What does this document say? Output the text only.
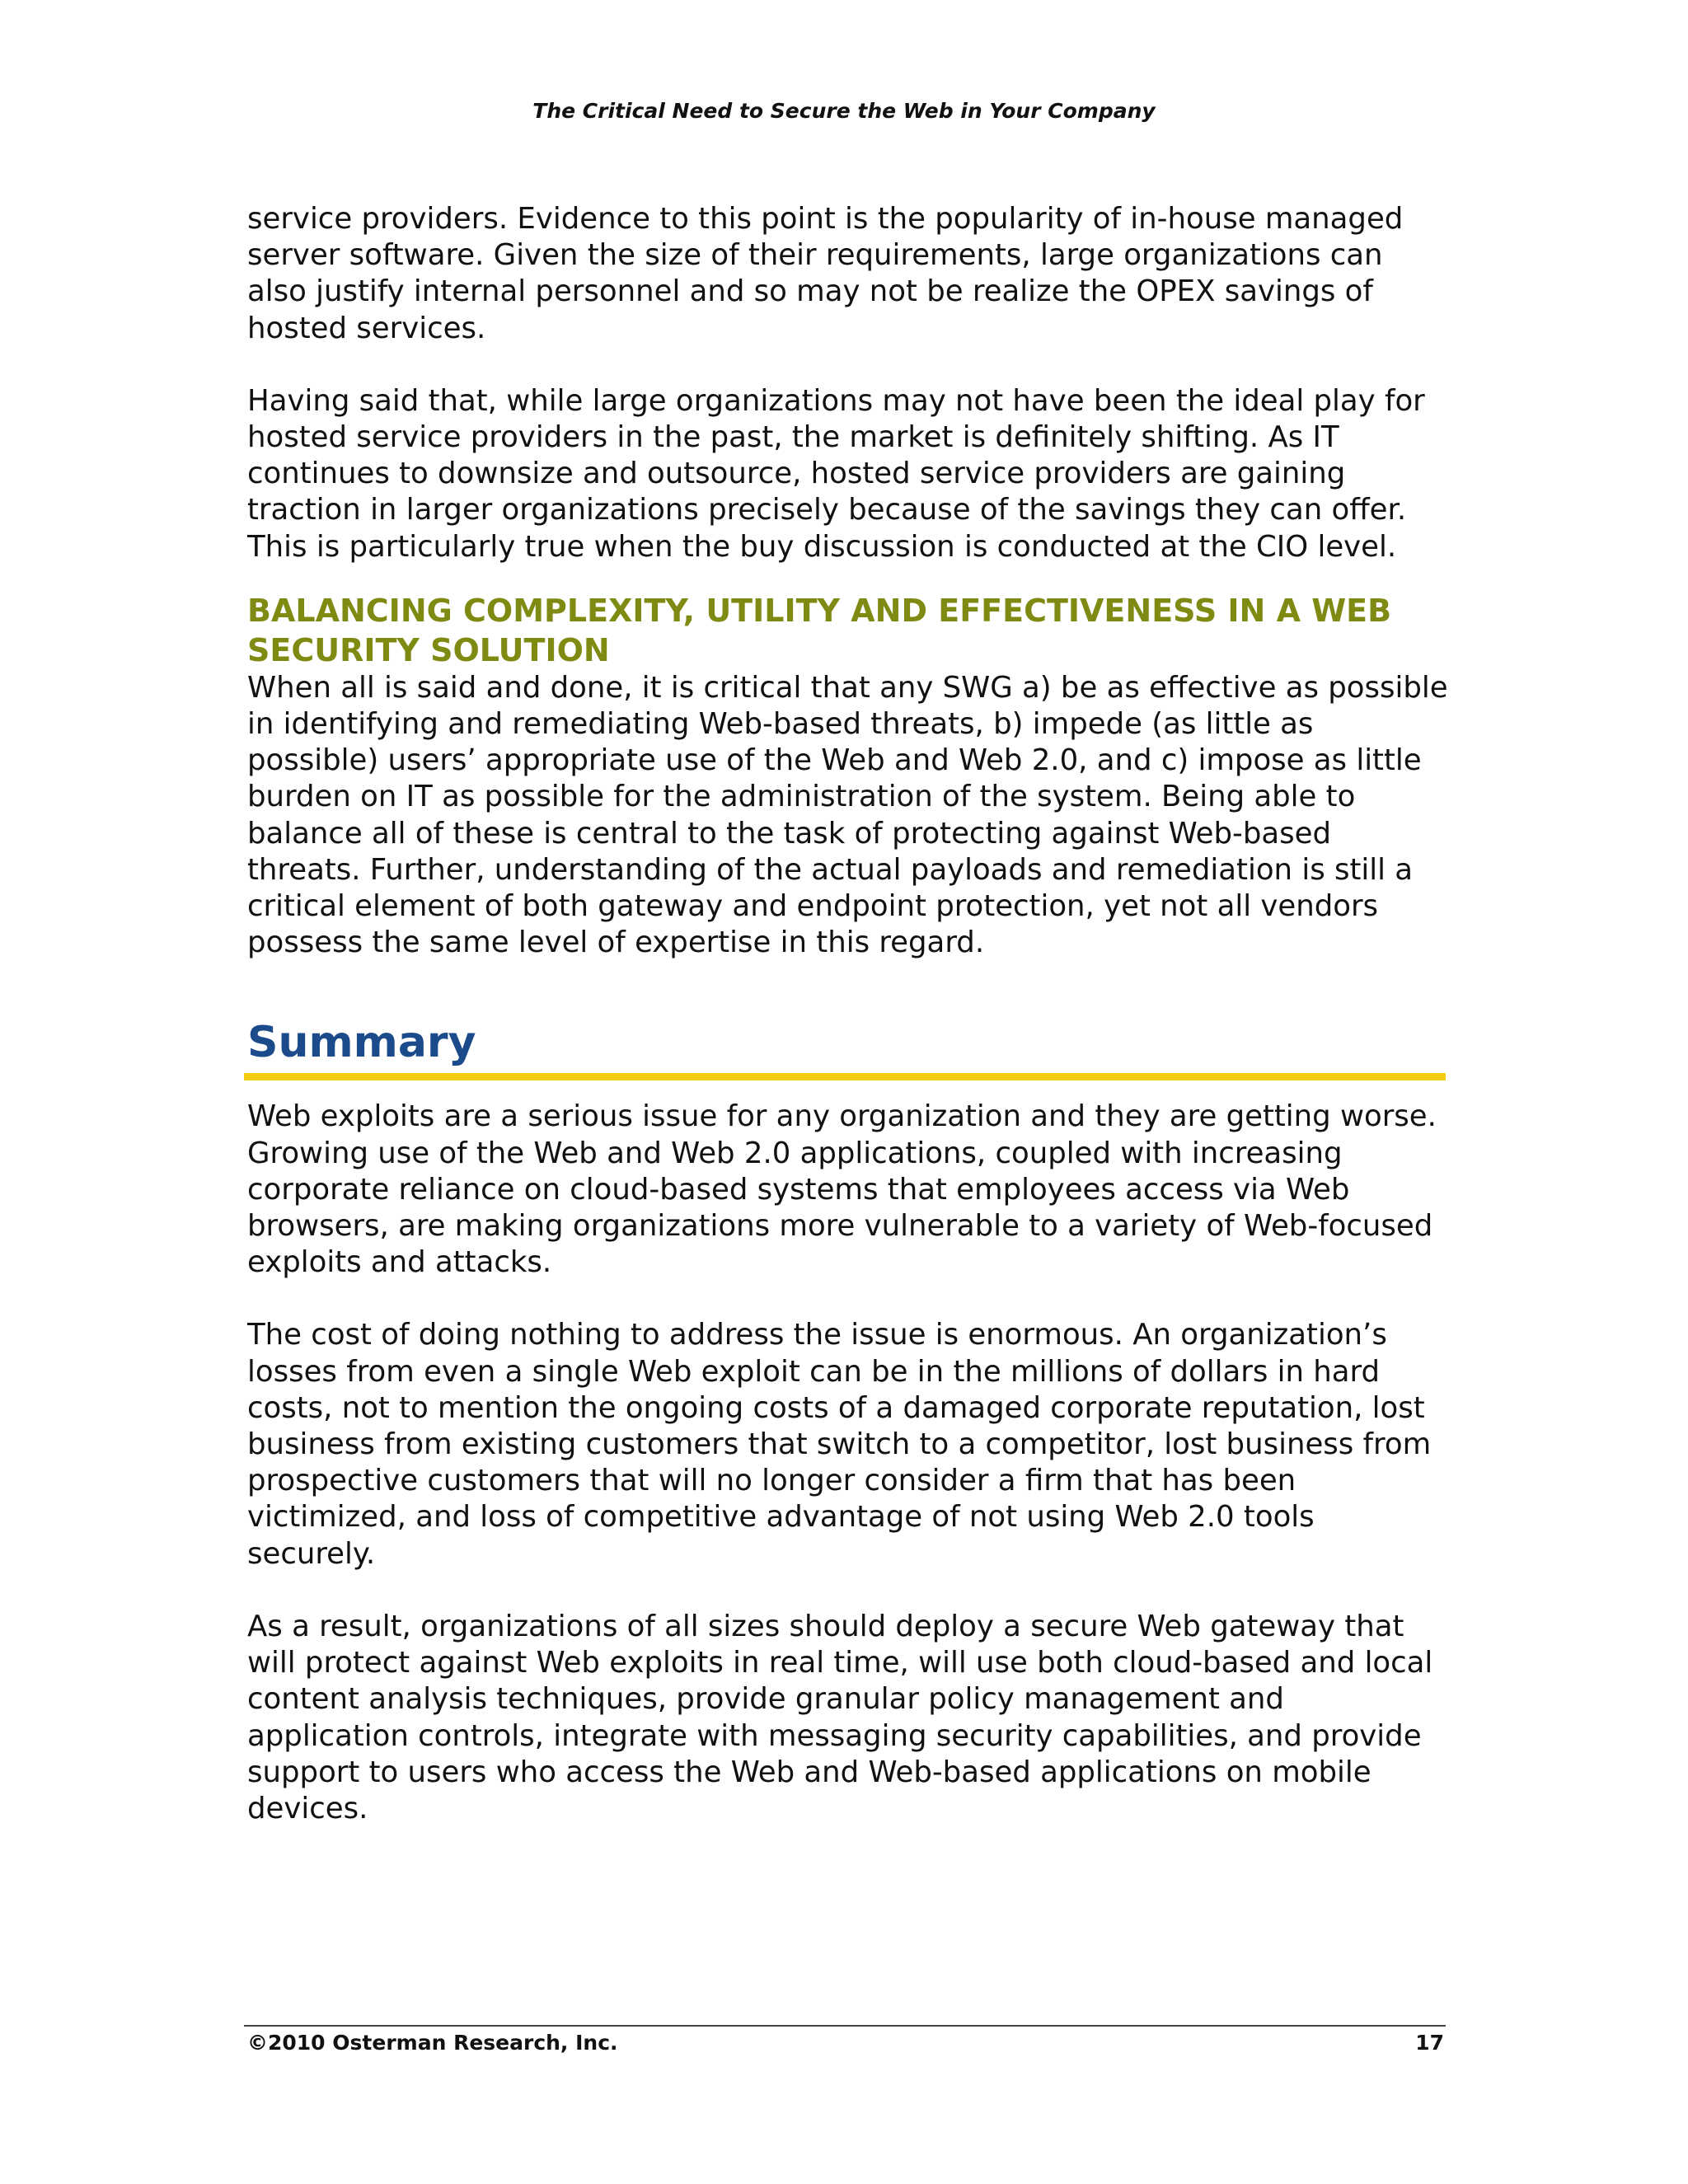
The Critical Need to Secure the Web in Your Company

service providers. Evidence to this point is the popularity of in-house managed server software. Given the size of their requirements, large organizations can also justify internal personnel and so may not be realize the OPEX savings of hosted services.

Having said that, while large organizations may not have been the ideal play for hosted service providers in the past, the market is definitely shifting. As IT continues to downsize and outsource, hosted service providers are gaining traction in larger organizations precisely because of the savings they can offer. This is particularly true when the buy discussion is conducted at the CIO level.

BALANCING COMPLEXITY, UTILITY AND EFFECTIVENESS IN A WEB SECURITY SOLUTION

When all is said and done, it is critical that any SWG a) be as effective as possible in identifying and remediating Web-based threats, b) impede (as little as possible) users’ appropriate use of the Web and Web 2.0, and c) impose as little burden on IT as possible for the administration of the system. Being able to balance all of these is central to the task of protecting against Web-based threats. Further, understanding of the actual payloads and remediation is still a critical element of both gateway and endpoint protection, yet not all vendors possess the same level of expertise in this regard.

Summary

Web exploits are a serious issue for any organization and they are getting worse. Growing use of the Web and Web 2.0 applications, coupled with increasing corporate reliance on cloud-based systems that employees access via Web browsers, are making organizations more vulnerable to a variety of Web-focused exploits and attacks.

The cost of doing nothing to address the issue is enormous. An organization’s losses from even a single Web exploit can be in the millions of dollars in hard costs, not to mention the ongoing costs of a damaged corporate reputation, lost business from existing customers that switch to a competitor, lost business from prospective customers that will no longer consider a firm that has been victimized, and loss of competitive advantage of not using Web 2.0 tools securely.

As a result, organizations of all sizes should deploy a secure Web gateway that will protect against Web exploits in real time, will use both cloud-based and local content analysis techniques, provide granular policy management and application controls, integrate with messaging security capabilities, and provide support to users who access the Web and Web-based applications on mobile devices.

©2010 Osterman Research, Inc.	17
